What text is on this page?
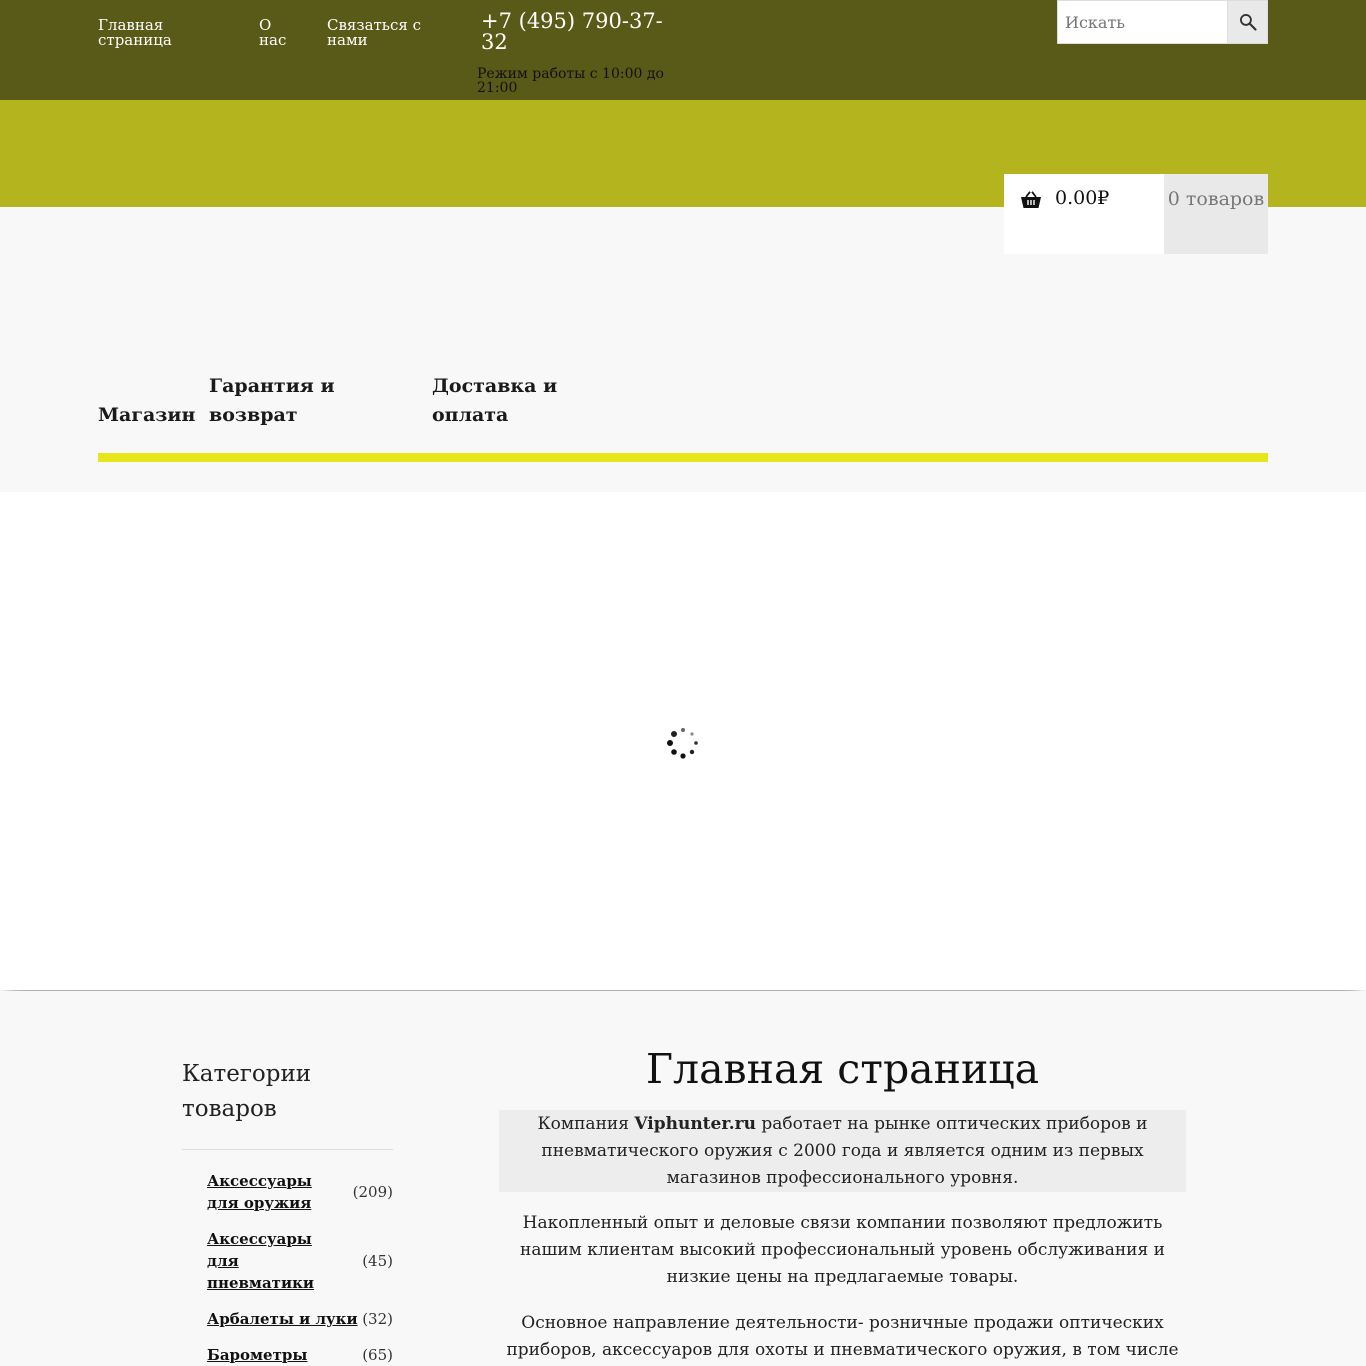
Главная страница
О нас
Связаться с нами
+7 (495) 790-37-32
Режим работы с 10:00 до 21:00
Искать
0.00₽	0 товаров
Магазин
Гарантия и возврат
Доставка и оплата
Категории товаров
Аксессуары для оружия
(209)
Аксессуары для пневматики
(45)
Арбалеты и луки (32)
Барометры	(65)
Главная страница
Компания Viphunter.ru работает на рынке оптических приборов и пневматического оружия с 2000 года и является одним из первых магазинов профессионального уровня.

Накопленный опыт и деловые связи компании позволяют предложить нашим клиентам высокий профессиональный уровень обслуживания и низкие цены на предлагаемые товары.

Основное направление деятельности- розничные продажи оптических приборов, аксессуаров для охоты и пневматического оружия, в том числе
